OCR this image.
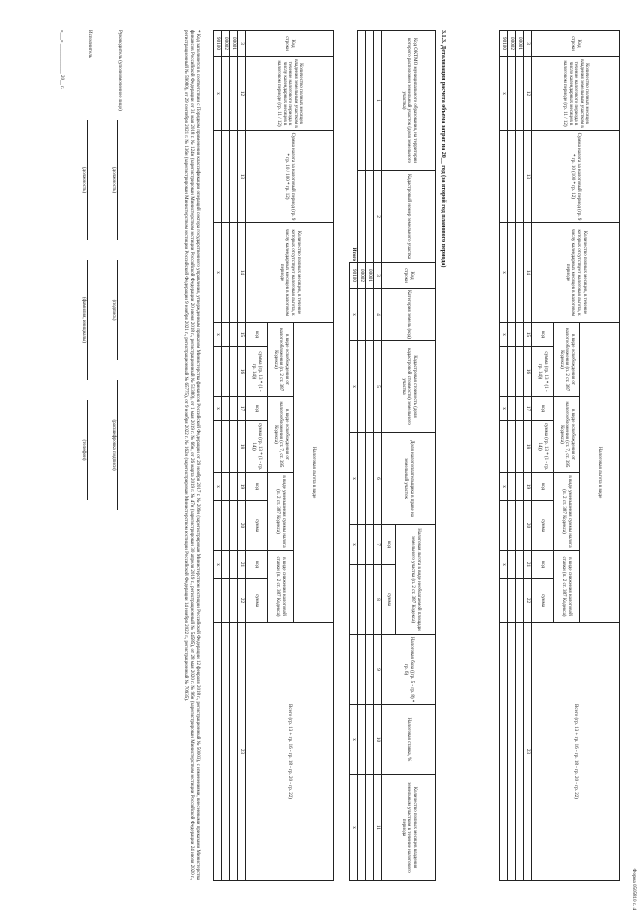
Форма 0505810 с. 4
Код строки	Количество полных месяцев владения земельным участком в течение налогового периода в число календарных месяцев в налоговом периоде (гр. 11 / 12)	Сумма налога за налоговый период (гр. 9 * гр. 10 (100 * гр. 12)	Количество полных месяцев, в течение которых отсутствует налоговая льгота, к числу календарных месяцев в налоговом периоде	Налоговая льгота в виде								Всего (гр. 13 + гр. 16 - гр. 18 - гр. 20 - гр. 22)
				в виде освобождения от налогообложения (п. 2 ст. 387 Кодекса)		в виде освобождения от налогообложения (ст. 7, ст. 395 Кодекса)		в виде уменьшения суммы налога (п. 2 ст. 387 Кодекса)		в виде снижения налоговой ставки (п. 2 ст. 387 Кодекса)		
				код	сумма (гр. 13 * (1 - гр. 14))	код	сумма (гр. 13 * (1 - гр. 14))	код	сумма	код	сумма	
3	12	13	14	15	16	17	18	19	20	21	22	23
00001												
00002												
90100	x		x	x		x		x		x		
3.1.3. Детализация расчета объема затрат на 20__ год (за второй год планового периода)
Код ОКТМО муниципального образования, на территории которого расположен земельный участок (доля земельного участка)	Кадастровый номер земельного участка	Код строки	Категория земель (код)	Кадастровая стоимость (доля кадастровой стоимости) земельного участка	Доля налогоплательщика в праве на земельный участок	Налоговая льгота в виде необлагаемой площади земельного участка (п. 2 ст. 387 Кодекса)		Налоговая база ((гр. 5 - гр. 8) * гр. 6)	Налоговая ставка, %	Количество полных месяцев владения земельным участком в течение налогового периода
						код	сумма			
1	2	3	4	5	6	7	8	9	10	11
		00001								
		00002								
Итого		90100	x	x	x	x			x	x
Код строки	Количество полных месяцев владения земельным участком в течение налогового периода к числу календарных месяцев в налоговом периоде (гр. 11 / 12)	Сумма налога за налоговый период (гр. 9 * гр. 10 / 100 * гр. 12)	Количество полных месяцев, в течение которых отсутствует налоговая льгота, к числу календарных месяцев в налоговом периоде	Налоговая льгота в виде								Всего (гр. 13 + гр. 16 - гр. 18 - гр. 20 - гр. 22)
				в виде освобождения от налогообложения (п. 2 ст. 387 Кодекса)		в виде освобождения от налогообложения (ст. 7, ст. 395 Кодекса)		в виде уменьшения суммы налога (п. 2 ст. 387 Кодекса)		в виде снижения налоговой ставки (п. 2 ст. 387 Кодекса)		
				код	сумма (гр. 13 * (1 - гр. 14))	код	сумма (гр. 13 * (1 - гр. 14))	код	сумма	код	сумма	
3	12	13	14	15	16	17	18	19	20	21	22	23
00001												
00002												
90100	x		x	x		x		x		x		
* Код заполняется в соответствии с Порядком применения классификации операций сектора государственного управления, утвержденным приказом Министерства финансов Российской Федерации от 29 ноября 2017 г. № 209н (зарегистрирован Министерством юстиции Российской Федерации 12 февраля 2018 г., регистрационный № 50003), с изменениями, внесенными приказами Министерства финансов Российской Федерации от 31 мая 2018 г. № 124н (зарегистрирован Министерством юстиции Российской Федерации 20 июня 2018 г., регистрационный № 51380), от 1 мая 2019 г. № 66н, от 26 марта 2019 г. № 47н (зарегистрирован 30 апреля 2019 г., регистрационный № 54585), от 28 мая 2020 г. № 96н (зарегистрирован Министерством юстиции Российской Федерации 24 июля 2020 г., регистрационный № 59080), от 29 сентября 2021 г. № 136н (зарегистрирован Министерством юстиции Российской Федерации 9 ноября 2021 г., регистрационный № 65775), от 9 ноября 2022 г. № 162н (зарегистрирован Министерством юстиции Российской Федерации 14 ноября 2022 г., регистрационный № 70935).
Руководитель (уполномоченное лицо)
(должность)
(подпись)
(расшифровка подписи)
Исполнитель
(должность)
(фамилия, инициалы)
(телефон)
«___» ____________ 20__ г.
